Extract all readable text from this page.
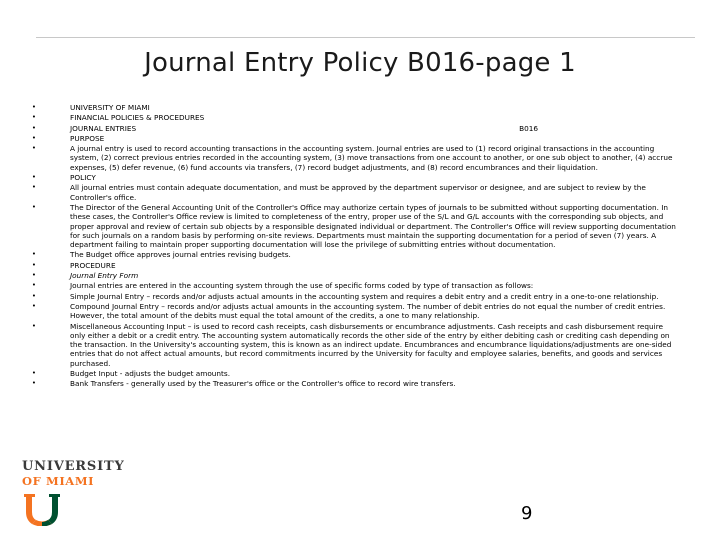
Journal Entry Policy B016-page 1
•	UNIVERSITY OF MIAMI
•	FINANCIAL POLICIES & PROCEDURES
•	JOURNAL ENTRIES	B016
•	PURPOSE
•	A journal entry is used to record accounting transactions in the accounting system. Journal entries are used to (1) record original transactions in the accounting system, (2) correct previous entries recorded in the accounting system, (3) move transactions from one account to another, or one sub object to another, (4) accrue expenses, (5) defer revenue, (6) fund accounts via transfers, (7) record budget adjustments, and (8) record encumbrances and their liquidation.
•	POLICY
•	All journal entries must contain adequate documentation, and must be approved by the department supervisor or designee, and are subject to review by the Controller's office.
•	The Director of the General Accounting Unit of the Controller's Office may authorize certain types of journals to be submitted without supporting documentation. In these cases, the Controller's Office review is limited to completeness of the entry, proper use of the S/L and G/L accounts with the corresponding sub objects, and proper approval and review of certain sub objects by a responsible designated individual or department. The Controller's Office will review supporting documentation for such journals on a random basis by performing on-site reviews. Departments must maintain the supporting documentation for a period of seven (7) years. A department failing to maintain proper supporting documentation will lose the privilege of submitting entries without documentation.
•	The Budget office approves journal entries revising budgets.
•	PROCEDURE
•	Journal Entry Form
•	Journal entries are entered in the accounting system through the use of specific forms coded by type of transaction as follows:
•	Simple Journal Entry – records and/or adjusts actual amounts in the accounting system and requires a debit entry and a credit entry in a one-to-one relationship.
•	Compound Journal Entry – records and/or adjusts actual amounts in the accounting system. The number of debit entries do not equal the number of credit entries. However, the total amount of the debits must equal the total amount of the credits, a one to many relationship.
•	Miscellaneous Accounting Input – is used to record cash receipts, cash disbursements or encumbrance adjustments. Cash receipts and cash disbursement require only either a debit or a credit entry. The accounting system automatically records the other side of the entry by either debiting cash or crediting cash depending on the transaction. In the University's accounting system, this is known as an indirect update. Encumbrances and encumbrance liquidations/adjustments are one-sided entries that do not affect actual amounts, but record commitments incurred by the University for faculty and employee salaries, benefits, and goods and services purchased.
•	Budget Input - adjusts the budget amounts.
•	Bank Transfers - generally used by the Treasurer's office or the Controller's office to record wire transfers.
UNIVERSITY
OF MIAMI
9
